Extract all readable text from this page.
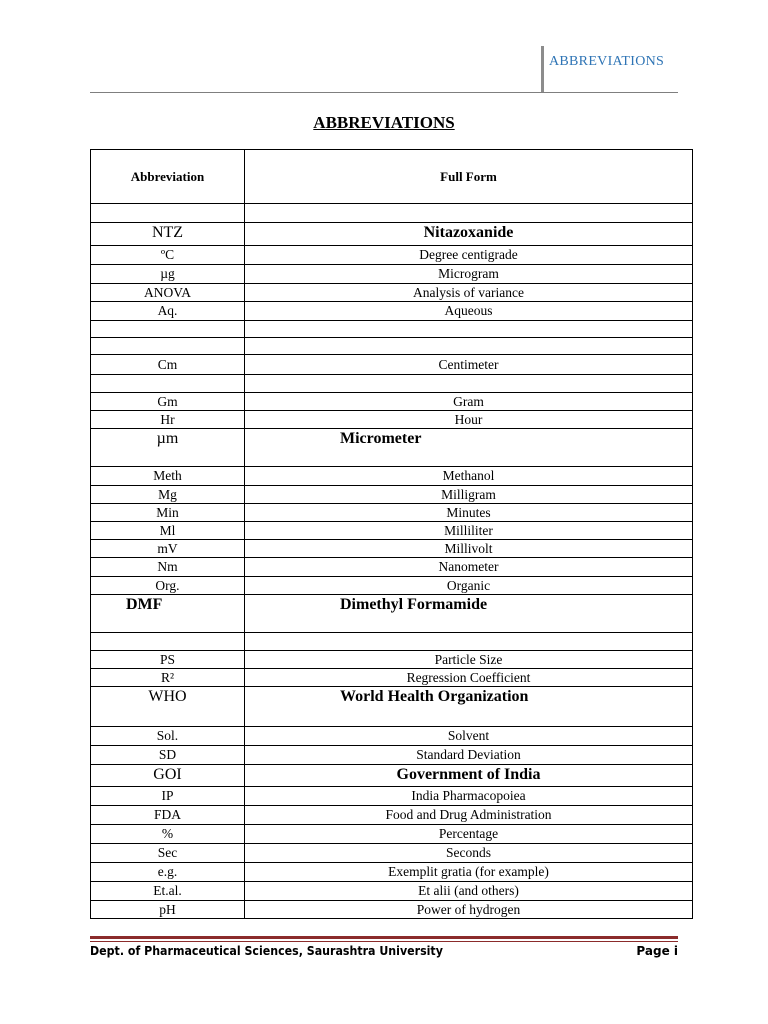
ABBREVIATIONS
ABBREVIATIONS
Abbreviation	Full Form

NTZ	Nitazoxanide
ºC	Degree centigrade
µg	Microgram
ANOVA	Analysis of variance
Aq.	Aqueous

Cm	Centimeter

Gm	Gram
Hr	Hour
µm	Micrometer
Meth	Methanol
Mg	Milligram
Min	Minutes
Ml	Milliliter
mV	Millivolt
Nm	Nanometer
Org.	Organic
DMF	Dimethyl Formamide

PS	Particle Size
R²	Regression Coefficient
WHO	World Health Organization
Sol.	Solvent
SD	Standard Deviation
GOI	Government of India
IP	India Pharmacopoiea
FDA	Food and Drug Administration
%	Percentage
Sec	Seconds
e.g.	Exemplit gratia (for example)
Et.al.	Et alii (and others)
pH	Power of hydrogen
Dept. of Pharmaceutical Sciences, Saurashtra University	Page i
